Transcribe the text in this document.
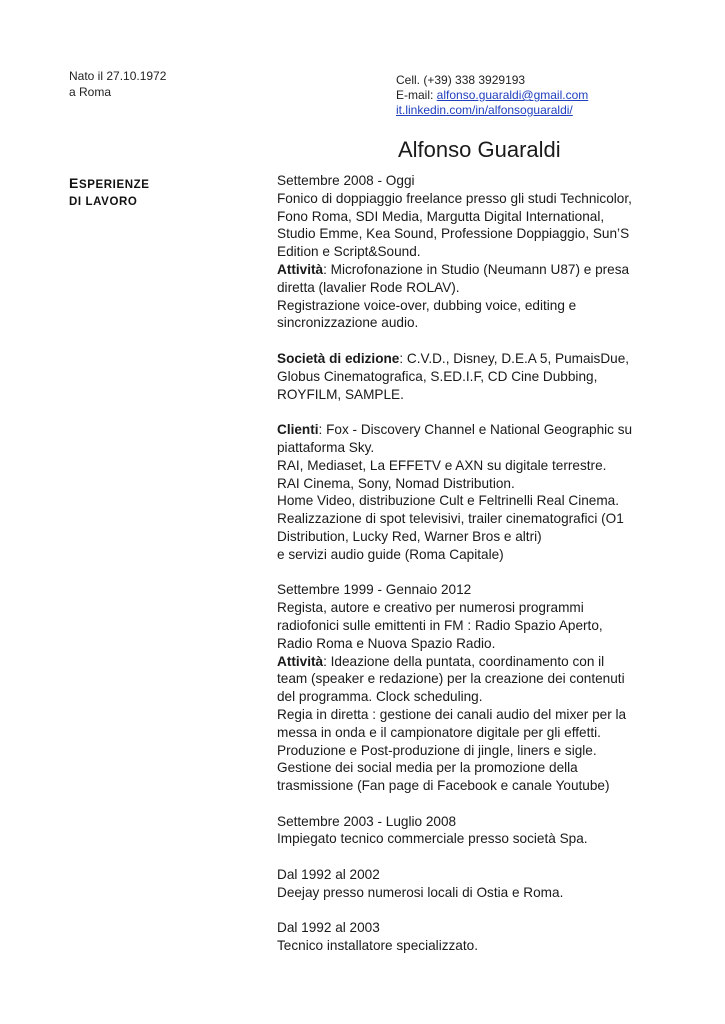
Nato il 27.10.1972
a Roma
Cell. (+39) 338 3929193
E-mail: alfonso.guaraldi@gmail.com
it.linkedin.com/in/alfonsoguaraldi/
Alfonso Guaraldi
ESPERIENZE
DI LAVORO

Settembre 2008 - Oggi

Fonico di doppiaggio freelance presso gli studi Technicolor, Fono Roma, SDI Media, Margutta Digital International, Studio Emme, Kea Sound, Professione Doppiaggio, Sun’S Edition e Script&Sound.

Attività: Microfonazione in Studio (Neumann U87) e presa diretta (lavalier Rode ROLAV).

Registrazione voice-over, dubbing voice, editing e sincronizzazione audio.

Società di edizione: C.V.D., Disney, D.E.A 5, PumaisDue, Globus Cinematografica, S.ED.I.F, CD Cine Dubbing, ROYFILM, SAMPLE.

Clienti: Fox - Discovery Channel e National Geographic su piattaforma Sky.

RAI, Mediaset, La EFFETV e AXN su digitale terrestre.

RAI Cinema, Sony, Nomad Distribution.

Home Video, distribuzione Cult e Feltrinelli Real Cinema.

Realizzazione di spot televisivi, trailer cinematografici (O1 Distribution, Lucky Red, Warner Bros e altri)

e servizi audio guide (Roma Capitale)

Settembre 1999 - Gennaio 2012

Regista, autore e creativo per numerosi programmi radiofonici sulle emittenti in FM : Radio Spazio Aperto, Radio Roma e Nuova Spazio Radio.

Attività: Ideazione della puntata, coordinamento con il team (speaker e redazione) per la creazione dei contenuti del programma. Clock scheduling.

Regia in diretta : gestione dei canali audio del mixer per la messa in onda e il campionatore digitale per gli effetti.

Produzione e Post-produzione di jingle, liners e sigle.

Gestione dei social media per la promozione della trasmissione (Fan page di Facebook e canale Youtube)

Settembre 2003 - Luglio 2008

Impiegato tecnico commerciale presso società Spa.

Dal 1992 al 2002

Deejay presso numerosi locali di Ostia e Roma.

Dal 1992 al 2003

Tecnico installatore specializzato.
